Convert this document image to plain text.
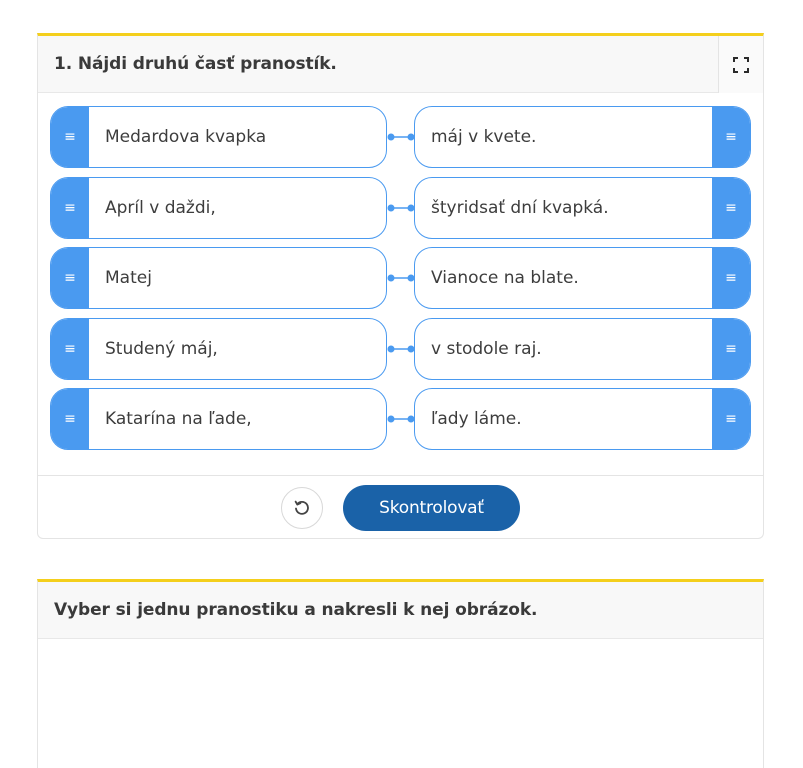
1. Nájdi druhú časť pranostík.
≡ Medardova kvapka	máj v kvete.	≡
≡ Apríl v daždi,	štyridsať dní kvapká.	≡
≡ Matej	Vianoce na blate.	≡
≡ Studený máj,	v stodole raj.	≡
≡ Katarína na ľade,	ľady láme.	≡
Skontrolovať
Vyber si jednu pranostiku a nakresli k nej obrázok.
